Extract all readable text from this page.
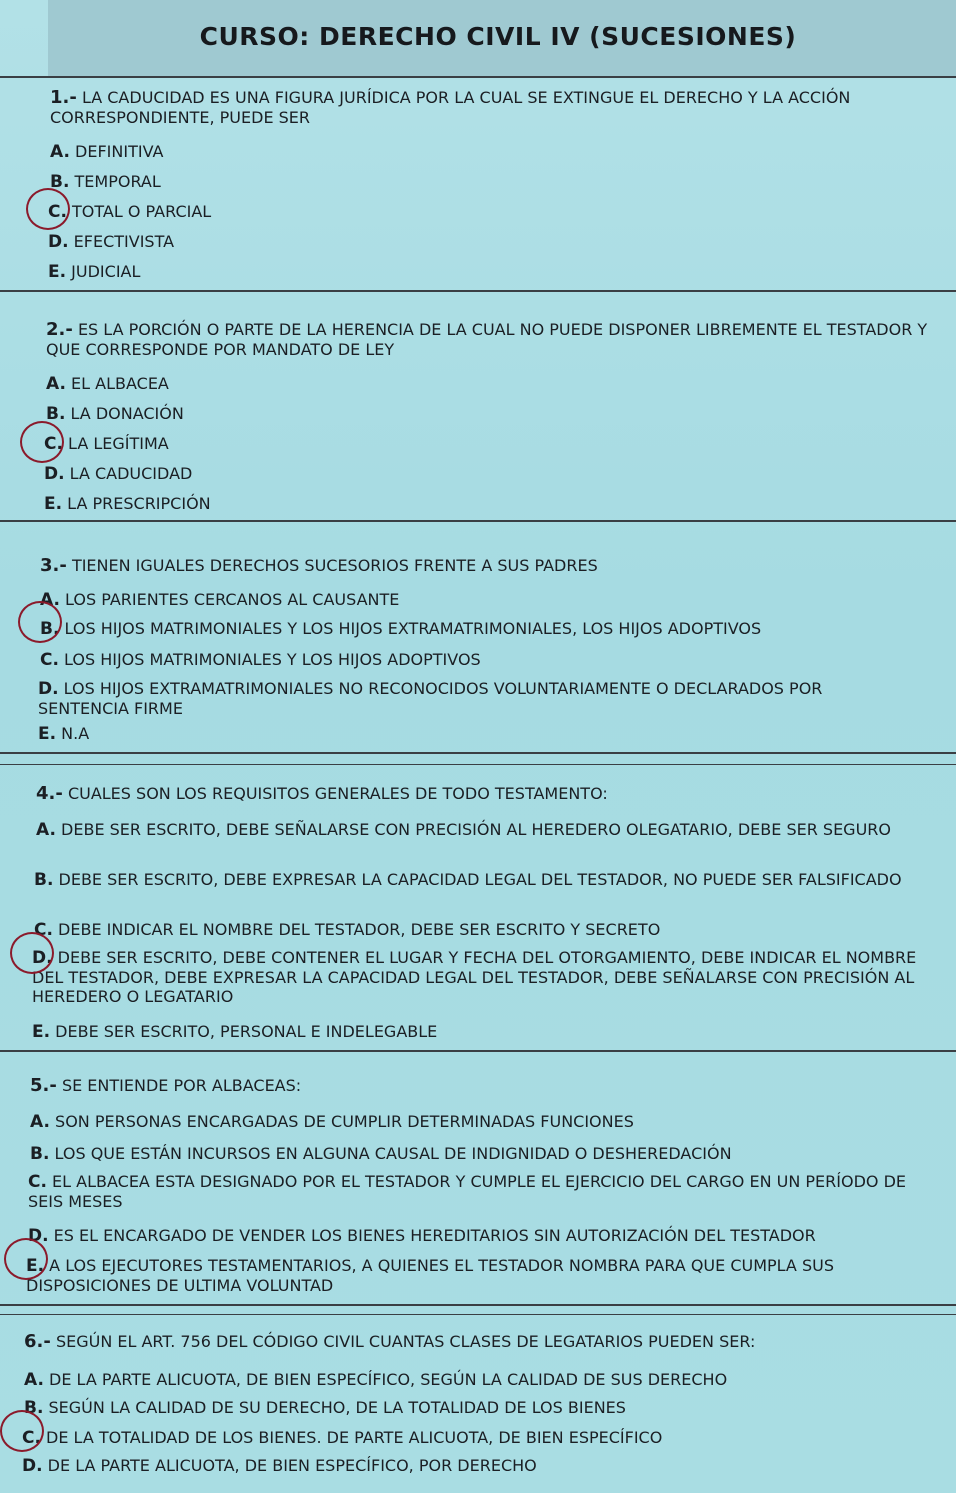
CURSO: DERECHO CIVIL IV (SUCESIONES)
1.- LA CADUCIDAD ES UNA FIGURA JURÍDICA POR LA CUAL SE EXTINGUE EL DERECHO Y LA ACCIÓN CORRESPONDIENTE, PUEDE SER
A. DEFINITIVA
B. TEMPORAL
C. TOTAL O PARCIAL
D. EFECTIVISTA
E. JUDICIAL
2.- ES LA PORCIÓN O PARTE DE LA HERENCIA DE LA CUAL NO PUEDE DISPONER LIBREMENTE EL TESTADOR Y QUE CORRESPONDE POR MANDATO DE LEY
A. EL ALBACEA
B. LA DONACIÓN
C. LA LEGÍTIMA
D. LA CADUCIDAD
E. LA PRESCRIPCIÓN
3.- TIENEN IGUALES DERECHOS SUCESORIOS FRENTE A SUS PADRES
A. LOS PARIENTES CERCANOS AL CAUSANTE
B. LOS HIJOS MATRIMONIALES Y LOS HIJOS EXTRAMATRIMONIALES, LOS HIJOS ADOPTIVOS
C. LOS HIJOS MATRIMONIALES Y LOS HIJOS ADOPTIVOS
D. LOS HIJOS EXTRAMATRIMONIALES NO RECONOCIDOS VOLUNTARIAMENTE O DECLARADOS POR SENTENCIA FIRME
E. N.A
4.- CUALES SON LOS REQUISITOS GENERALES DE TODO TESTAMENTO:
A. DEBE SER ESCRITO, DEBE SEÑALARSE CON PRECISIÓN AL HEREDERO OLEGATARIO, DEBE SER SEGURO
B. DEBE SER ESCRITO, DEBE EXPRESAR LA CAPACIDAD LEGAL DEL TESTADOR, NO PUEDE SER FALSIFICADO
C. DEBE INDICAR EL NOMBRE DEL TESTADOR, DEBE SER ESCRITO Y SECRETO
D. DEBE SER ESCRITO, DEBE CONTENER EL LUGAR Y FECHA DEL OTORGAMIENTO, DEBE INDICAR EL NOMBRE DEL TESTADOR, DEBE EXPRESAR LA CAPACIDAD LEGAL DEL TESTADOR, DEBE SEÑALARSE CON PRECISIÓN AL HEREDERO O LEGATARIO
E. DEBE SER ESCRITO, PERSONAL E INDELEGABLE
5.- SE ENTIENDE POR ALBACEAS:
A. SON PERSONAS ENCARGADAS DE CUMPLIR DETERMINADAS FUNCIONES
B. LOS QUE ESTÁN INCURSOS EN ALGUNA CAUSAL DE INDIGNIDAD O DESHEREDACIÓN
C. EL ALBACEA ESTA DESIGNADO POR EL TESTADOR Y CUMPLE EL EJERCICIO DEL CARGO EN UN PERÍODO DE SEIS MESES
D. ES EL ENCARGADO DE VENDER LOS BIENES HEREDITARIOS SIN AUTORIZACIÓN DEL TESTADOR
E. A LOS EJECUTORES TESTAMENTARIOS, A QUIENES EL TESTADOR NOMBRA PARA QUE CUMPLA SUS DISPOSICIONES DE ULTIMA VOLUNTAD
6.- SEGÚN EL ART. 756 DEL CÓDIGO CIVIL CUANTAS CLASES DE LEGATARIOS PUEDEN SER:
A. DE LA PARTE ALICUOTA, DE BIEN ESPECÍFICO, SEGÚN LA CALIDAD DE SUS DERECHO
B. SEGÚN LA CALIDAD DE SU DERECHO, DE LA TOTALIDAD DE LOS BIENES
C. DE LA TOTALIDAD DE LOS BIENES. DE PARTE ALICUOTA, DE BIEN ESPECÍFICO
D. DE LA PARTE ALICUOTA, DE BIEN ESPECÍFICO, POR DERECHO
